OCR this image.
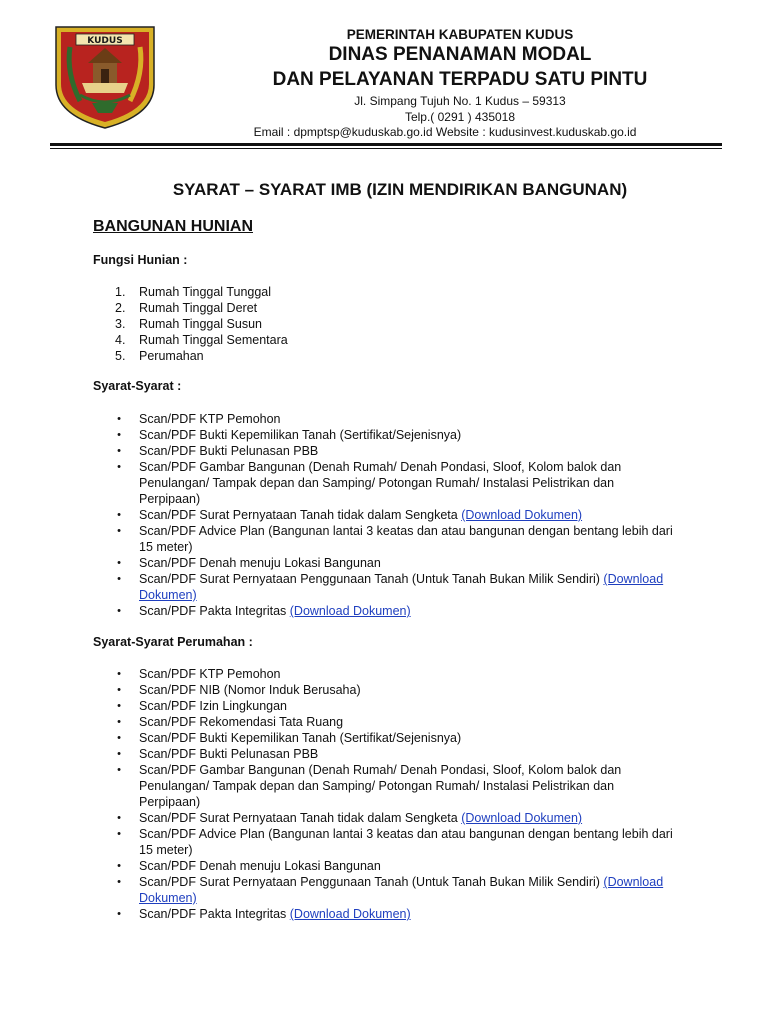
KUDUS	PEMERINTAH KABUPATEN KUDUS
DINAS PENANAMAN MODAL
DAN PELAYANAN TERPADU SATU PINTU
Jl. Simpang Tujuh No. 1 Kudus – 59313
Telp.( 0291 ) 435018
Email : dpmptsp@kuduskab.go.id Website : kudusinvest.kuduskab.go.id
SYARAT – SYARAT IMB (IZIN MENDIRIKAN BANGUNAN)
BANGUNAN HUNIAN
Fungsi Hunian :
1.	Rumah Tinggal Tunggal
2.	Rumah Tinggal Deret
3.	Rumah Tinggal Susun
4.	Rumah Tinggal Sementara
5.	Perumahan
Syarat-Syarat :
• Scan/PDF KTP Pemohon
• Scan/PDF Bukti Kepemilikan Tanah (Sertifikat/Sejenisnya)
• Scan/PDF Bukti Pelunasan PBB
• Scan/PDF Gambar Bangunan (Denah Rumah/ Denah Pondasi, Sloof, Kolom balok dan Penulangan/ Tampak depan dan Samping/ Potongan Rumah/ Instalasi Pelistrikan dan Perpipaan)
• Scan/PDF Surat Pernyataan Tanah tidak dalam Sengketa (Download Dokumen)
• Scan/PDF Advice Plan (Bangunan lantai 3 keatas dan atau bangunan dengan bentang lebih dari 15 meter)
• Scan/PDF Denah menuju Lokasi Bangunan
• Scan/PDF Surat Pernyataan Penggunaan Tanah (Untuk Tanah Bukan Milik Sendiri) (Download Dokumen)
• Scan/PDF Pakta Integritas (Download Dokumen)
Syarat-Syarat Perumahan :
• Scan/PDF KTP Pemohon
• Scan/PDF NIB (Nomor Induk Berusaha)
• Scan/PDF Izin Lingkungan
• Scan/PDF Rekomendasi Tata Ruang
• Scan/PDF Bukti Kepemilikan Tanah (Sertifikat/Sejenisnya)
• Scan/PDF Bukti Pelunasan PBB
• Scan/PDF Gambar Bangunan (Denah Rumah/ Denah Pondasi, Sloof, Kolom balok dan Penulangan/ Tampak depan dan Samping/ Potongan Rumah/ Instalasi Pelistrikan dan Perpipaan)
• Scan/PDF Surat Pernyataan Tanah tidak dalam Sengketa (Download Dokumen)
• Scan/PDF Advice Plan (Bangunan lantai 3 keatas dan atau bangunan dengan bentang lebih dari 15 meter)
• Scan/PDF Denah menuju Lokasi Bangunan
• Scan/PDF Surat Pernyataan Penggunaan Tanah (Untuk Tanah Bukan Milik Sendiri) (Download Dokumen)
• Scan/PDF Pakta Integritas (Download Dokumen)
